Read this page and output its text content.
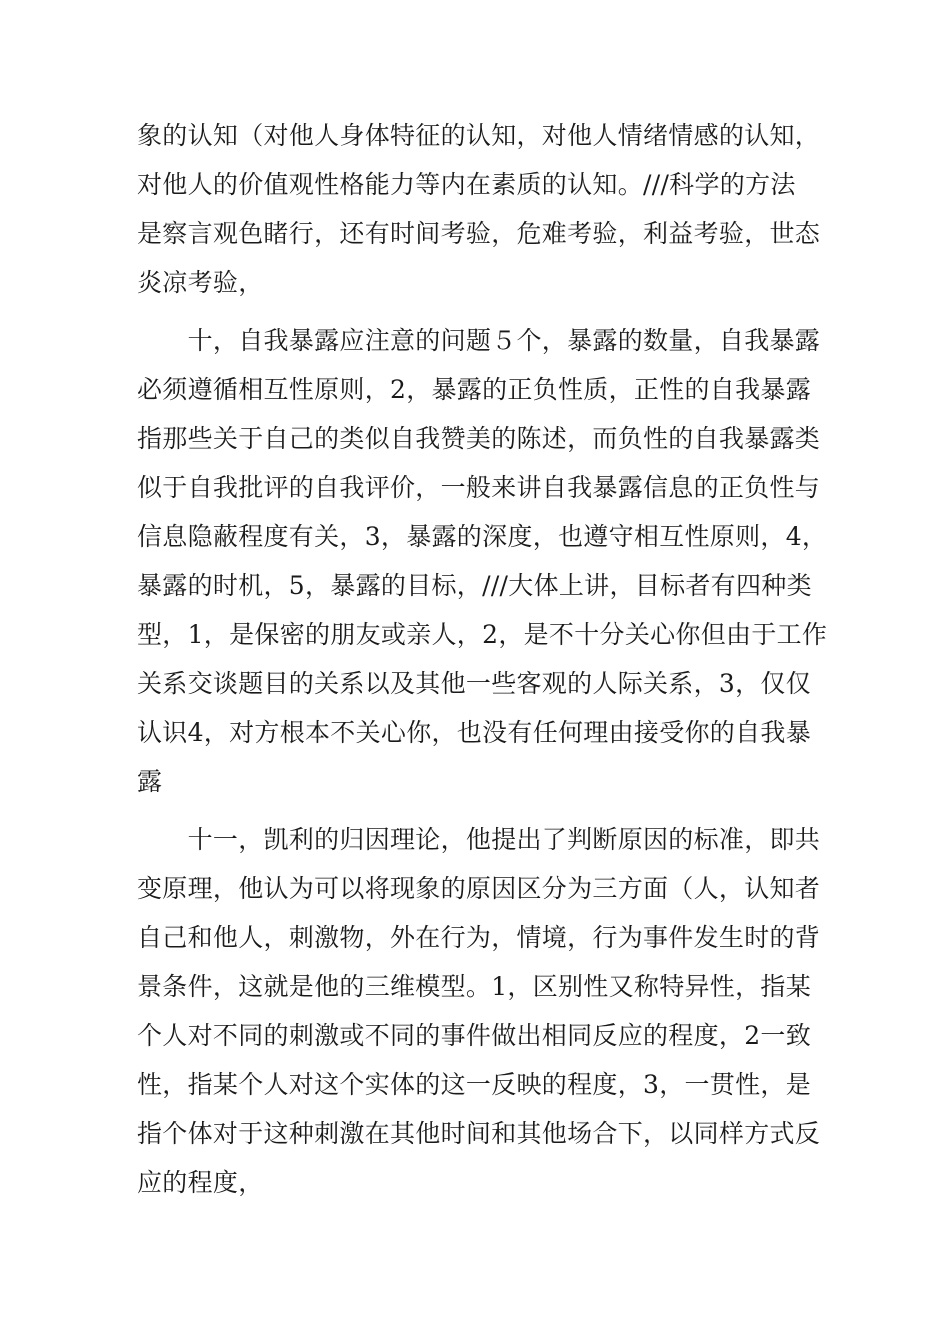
象的认知（对他人身体特征的认知，对他人情绪情感的认知，
对他人的价值观性格能力等内在素质的认知。///科学的方法
是察言观色睹行，还有时间考验，危难考验，利益考验，世态
炎凉考验，
　　十，自我暴露应注意的问题５个，暴露的数量，自我暴露
必须遵循相互性原则，2，暴露的正负性质，正性的自我暴露
指那些关于自己的类似自我赞美的陈述，而负性的自我暴露类
似于自我批评的自我评价，一般来讲自我暴露信息的正负性与
信息隐蔽程度有关，3，暴露的深度，也遵守相互性原则，4，
暴露的时机，5，暴露的目标，///大体上讲，目标者有四种类
型，1，是保密的朋友或亲人，2，是不十分关心你但由于工作
关系交谈题目的关系以及其他一些客观的人际关系，3，仅仅
认识4，对方根本不关心你，也没有任何理由接受你的自我暴
露
　　十一，凯利的归因理论，他提出了判断原因的标准，即共
变原理，他认为可以将现象的原因区分为三方面（人，认知者
自己和他人，刺激物，外在行为，情境，行为事件发生时的背
景条件，这就是他的三维模型。1，区别性又称特异性，指某
个人对不同的刺激或不同的事件做出相同反应的程度，2一致
性，指某个人对这个实体的这一反映的程度，3，一贯性，是
指个体对于这种刺激在其他时间和其他场合下，以同样方式反
应的程度，
